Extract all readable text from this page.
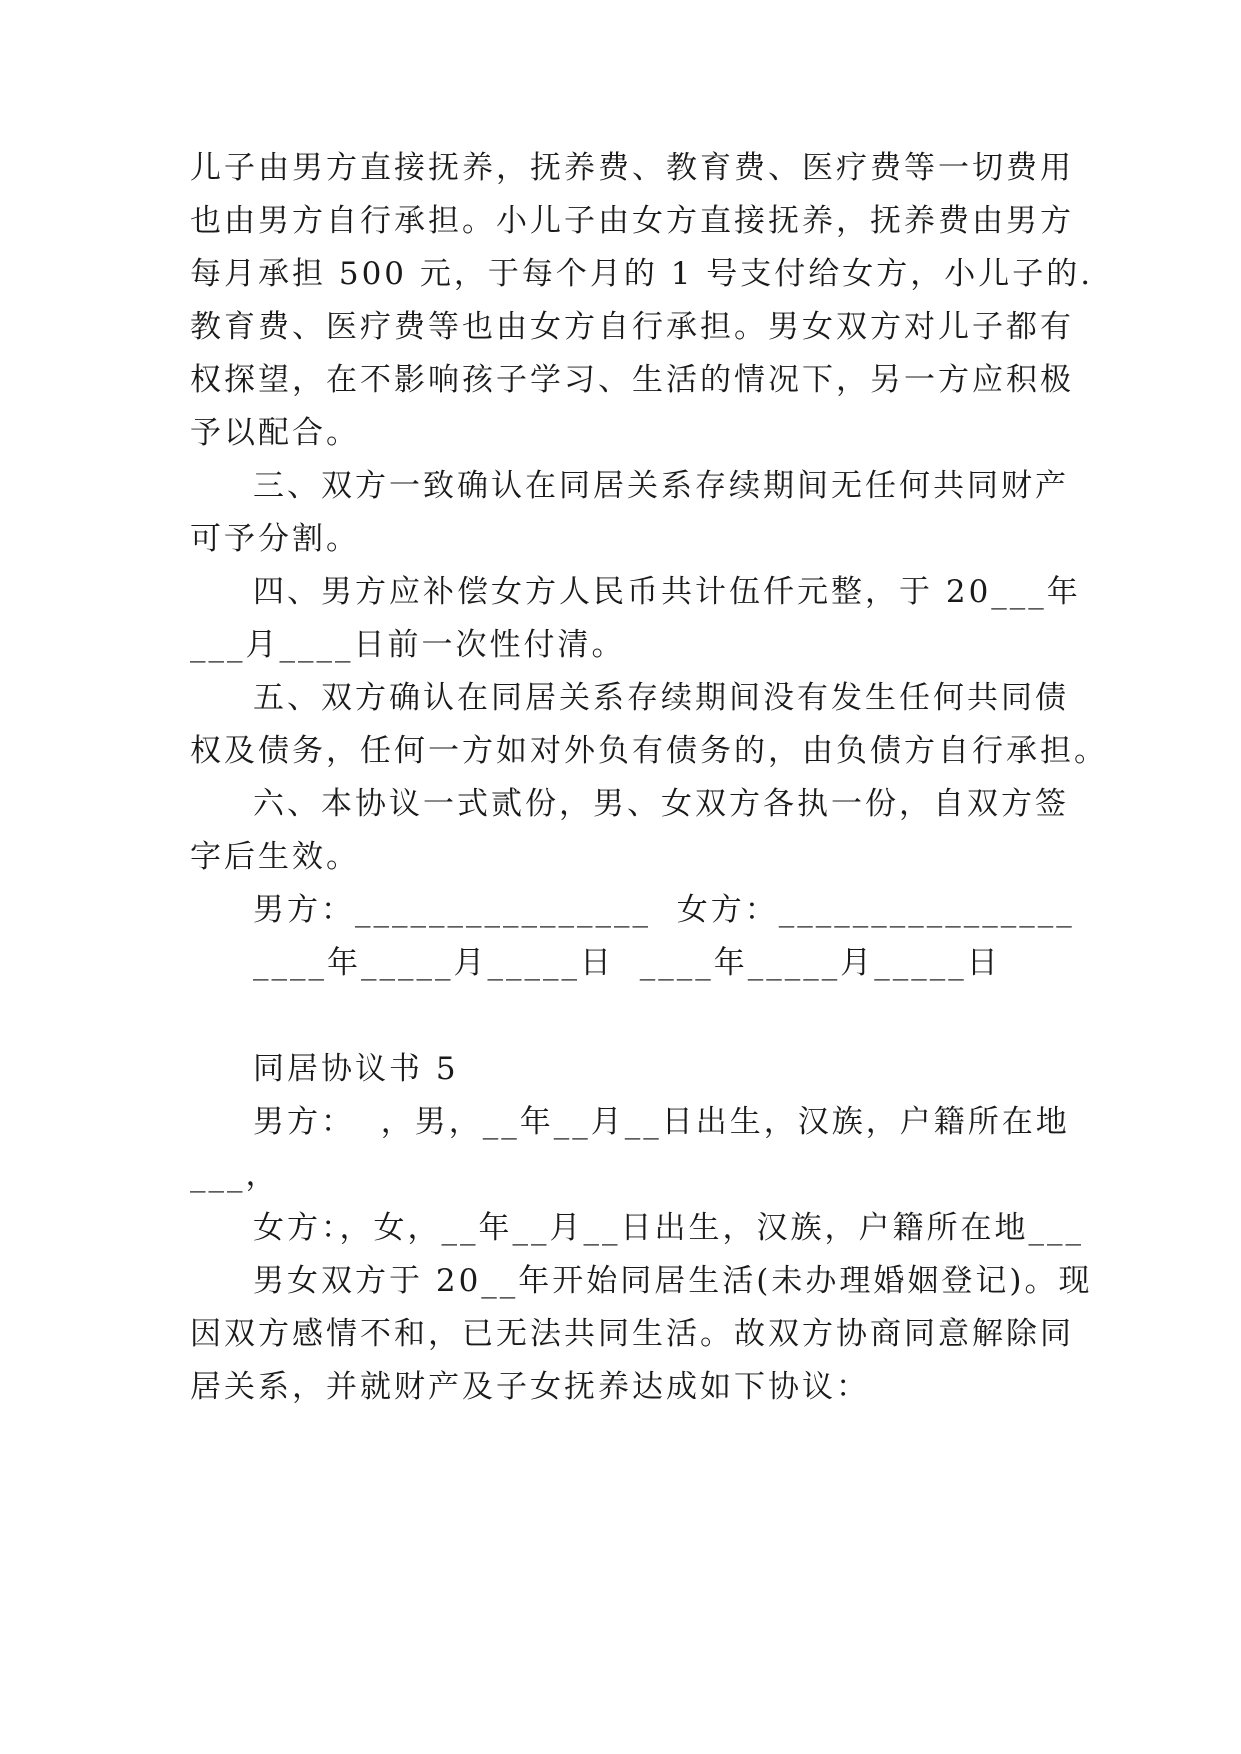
儿子由男方直接抚养，抚养费、教育费、医疗费等一切费用
也由男方自行承担。小儿子由女方直接抚养，抚养费由男方
每月承担 500 元，于每个月的 1 号支付给女方，小儿子的.
教育费、医疗费等也由女方自行承担。男女双方对儿子都有
权探望，在不影响孩子学习、生活的情况下，另一方应积极
予以配合。
三、双方一致确认在同居关系存续期间无任何共同财产
可予分割。
四、男方应补偿女方人民币共计伍仟元整，于 20___年
___月____日前一次性付清。
五、双方确认在同居关系存续期间没有发生任何共同债
权及债务，任何一方如对外负有债务的，由负债方自行承担。
六、本协议一式贰份，男、女双方各执一份，自双方签
字后生效。
男方：________________  女方：________________
____年_____月_____日  ____年_____月_____日
同居协议书 5
男方：  ，男，__年__月__日出生，汉族，户籍所在地
___，
女方：，女，__年__月__日出生，汉族，户籍所在地___
男女双方于 20__年开始同居生活(未办理婚姻登记)。现
因双方感情不和，已无法共同生活。故双方协商同意解除同
居关系，并就财产及子女抚养达成如下协议：
